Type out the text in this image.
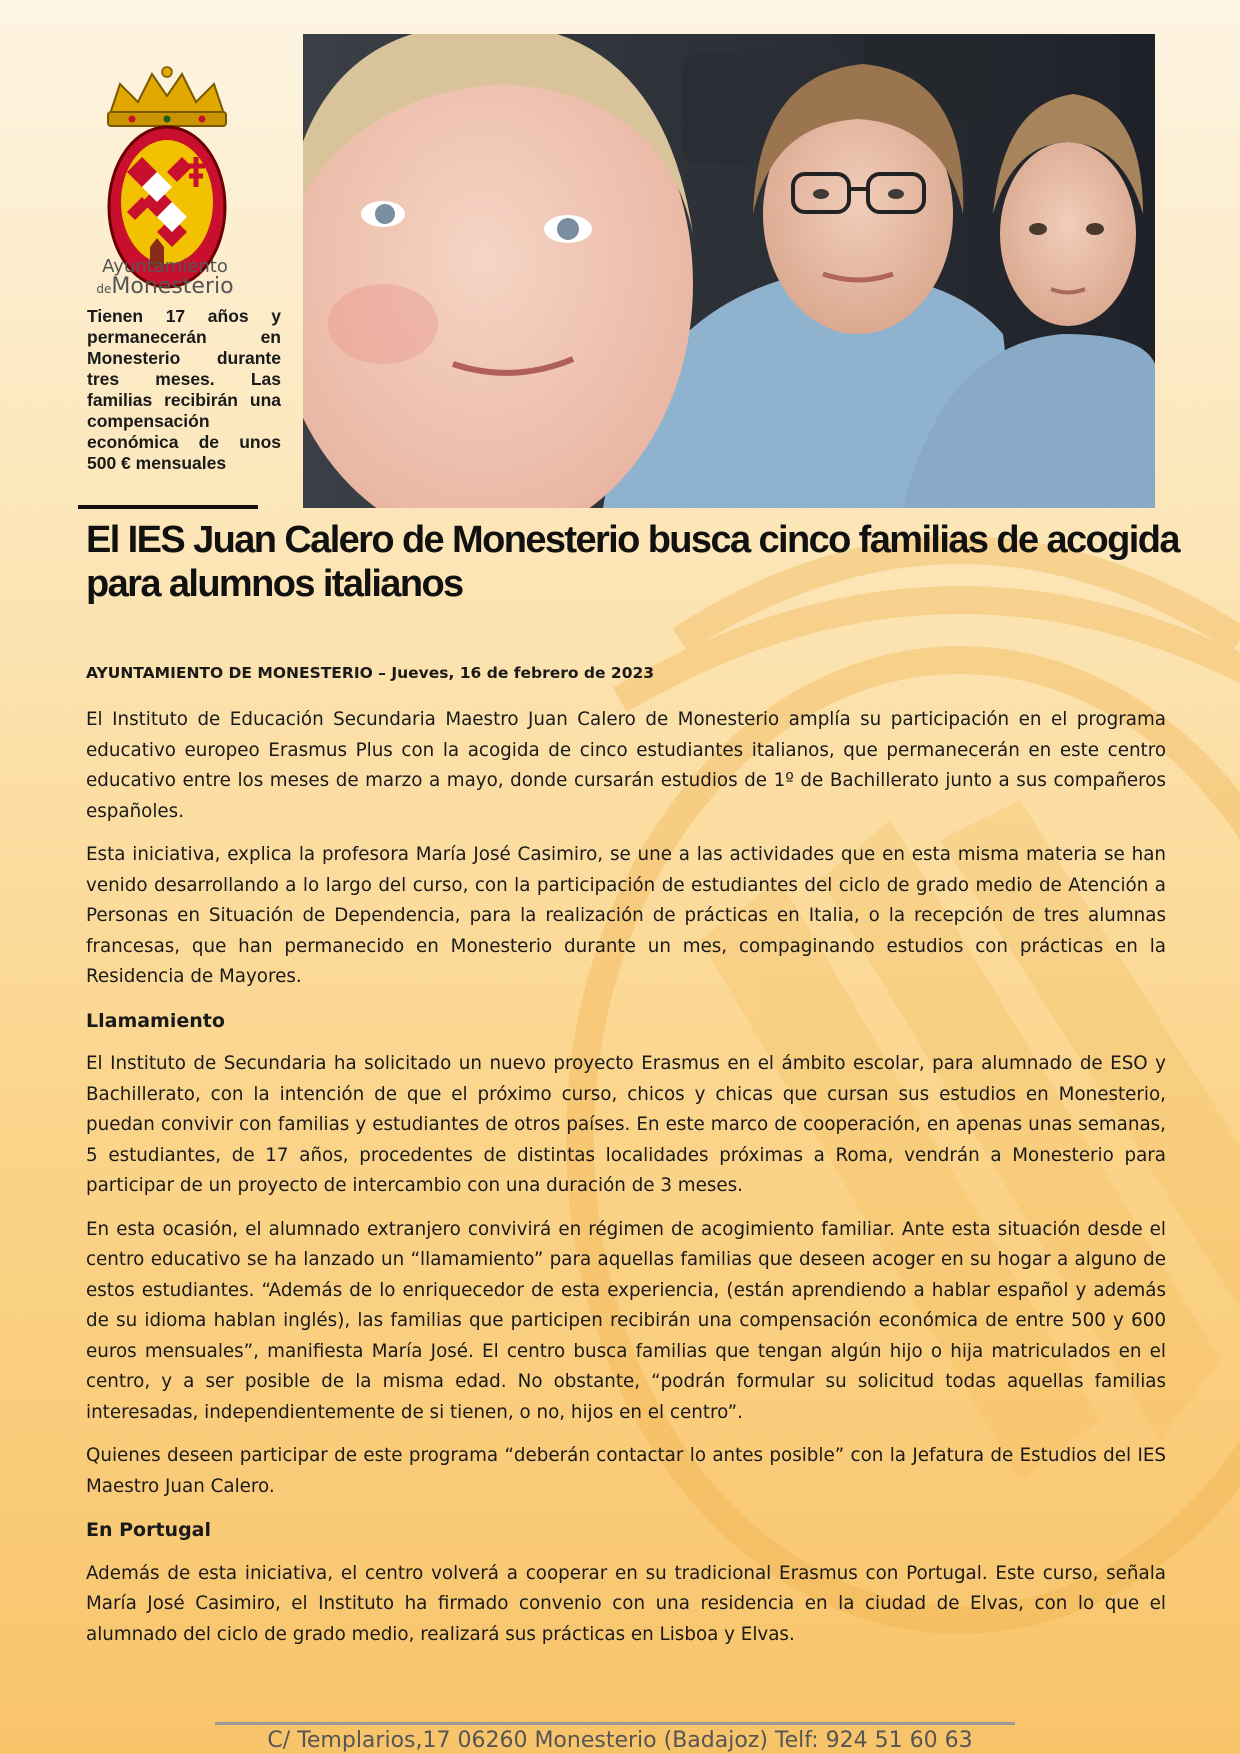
Ayuntamiento
deMonesterio

Tienen 17 años y permanecerán en Monesterio durante tres meses. Las familias recibirán una compensación económica de unos 500 € mensuales

El IES Juan Calero de Monesterio busca cinco familias de acogida para alumnos italianos

AYUNTAMIENTO DE MONESTERIO – Jueves, 16 de febrero de 2023

El Instituto de Educación Secundaria Maestro Juan Calero de Monesterio amplía su participación en el programa educativo europeo Erasmus Plus con la acogida de cinco estudiantes italianos, que permanecerán en este centro educativo entre los meses de marzo a mayo, donde cursarán estudios de 1º de Bachillerato junto a sus compañeros españoles.

Esta iniciativa, explica la profesora María José Casimiro, se une a las actividades que en esta misma materia se han venido desarrollando a lo largo del curso, con la participación de estudiantes del ciclo de grado medio de Atención a Personas en Situación de Dependencia, para la realización de prácticas en Italia, o la recepción de tres alumnas francesas, que han permanecido en Monesterio durante un mes, compaginando estudios con prácticas en la Residencia de Mayores.

Llamamiento

El Instituto de Secundaria ha solicitado un nuevo proyecto Erasmus en el ámbito escolar, para alumnado de ESO y Bachillerato, con la intención de que el próximo curso, chicos y chicas que cursan sus estudios en Monesterio, puedan convivir con familias y estudiantes de otros países. En este marco de cooperación, en apenas unas semanas, 5 estudiantes, de 17 años, procedentes de distintas localidades próximas a Roma, vendrán a Monesterio para participar de un proyecto de intercambio con una duración de 3 meses.

En esta ocasión, el alumnado extranjero convivirá en régimen de acogimiento familiar. Ante esta situación desde el centro educativo se ha lanzado un “llamamiento” para aquellas familias que deseen acoger en su hogar a alguno de estos estudiantes. “Además de lo enriquecedor de esta experiencia, (están aprendiendo a hablar español y además de su idioma hablan inglés), las familias que participen recibirán una compensación económica de entre 500 y 600 euros mensuales”, manifiesta María José. El centro busca familias que tengan algún hijo o hija matriculados en el centro, y a ser posible de la misma edad. No obstante, “podrán formular su solicitud todas aquellas familias interesadas, independientemente de si tienen, o no, hijos en el centro”.

Quienes deseen participar de este programa “deberán contactar lo antes posible” con la Jefatura de Estudios del IES Maestro Juan Calero.

En Portugal

Además de esta iniciativa, el centro volverá a cooperar en su tradicional Erasmus con Portugal. Este curso, señala María José Casimiro, el Instituto ha firmado convenio con una residencia en la ciudad de Elvas, con lo que el alumnado del ciclo de grado medio, realizará sus prácticas en Lisboa y Elvas.

C/ Templarios,17 06260 Monesterio (Badajoz) Telf: 924 51 60 63
